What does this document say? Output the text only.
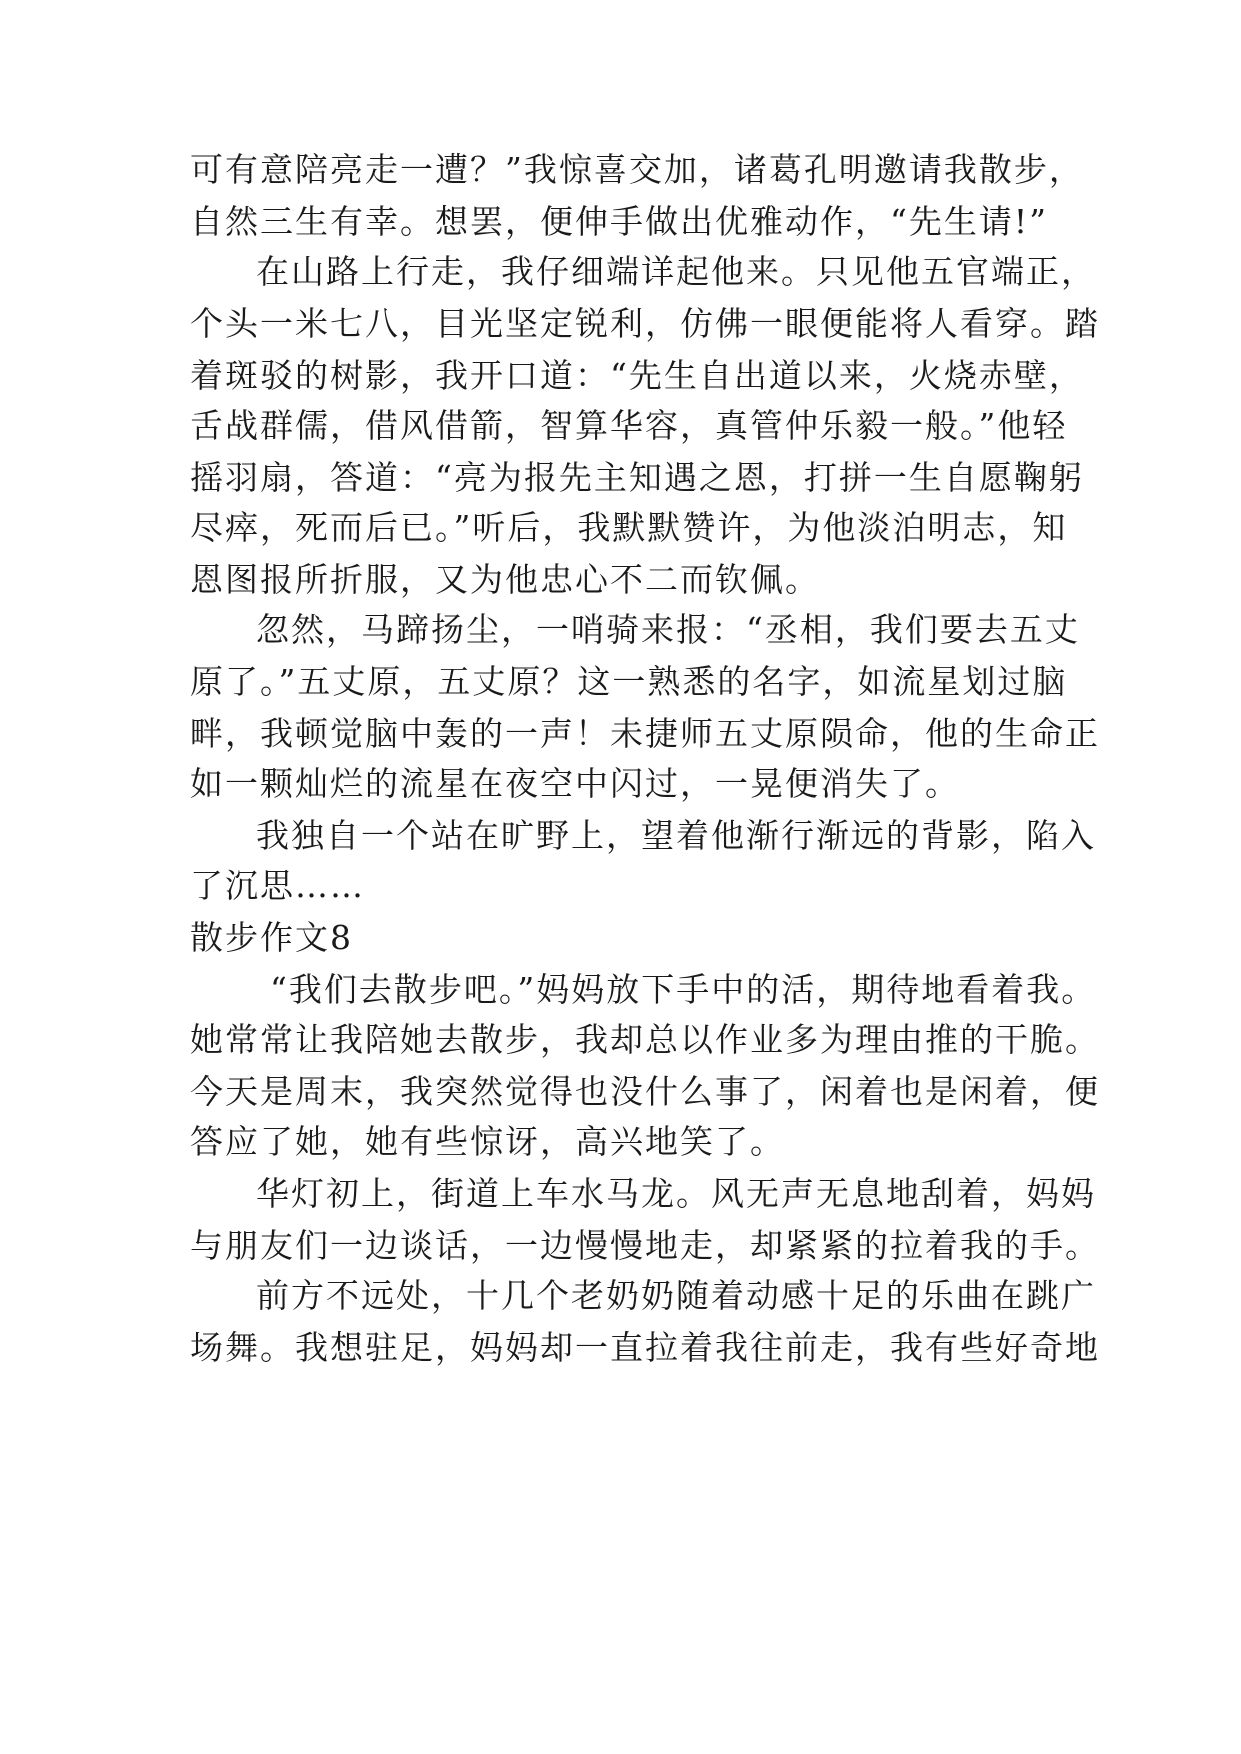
可有意陪亮走一遭？”我惊喜交加，诸葛孔明邀请我散步，
自然三生有幸。想罢，便伸手做出优雅动作，“先生请!”
在山路上行走，我仔细端详起他来。只见他五官端正，
个头一米七八，目光坚定锐利，仿佛一眼便能将人看穿。踏
着斑驳的树影，我开口道：“先生自出道以来，火烧赤壁，
舌战群儒，借风借箭，智算华容，真管仲乐毅一般。”他轻
摇羽扇，答道：“亮为报先主知遇之恩，打拼一生自愿鞠躬
尽瘁，死而后已。”听后，我默默赞许，为他淡泊明志，知
恩图报所折服，又为他忠心不二而钦佩。
忽然，马蹄扬尘，一哨骑来报：“丞相，我们要去五丈
原了。”五丈原，五丈原？这一熟悉的名字，如流星划过脑
畔，我顿觉脑中轰的一声！未捷师五丈原陨命，他的生命正
如一颗灿烂的流星在夜空中闪过，一晃便消失了。
我独自一个站在旷野上，望着他渐行渐远的背影，陷入
了沉思……
散步作文8
“我们去散步吧。”妈妈放下手中的活，期待地看着我。
她常常让我陪她去散步，我却总以作业多为理由推的干脆。
今天是周末，我突然觉得也没什么事了，闲着也是闲着，便
答应了她，她有些惊讶，高兴地笑了。
华灯初上，街道上车水马龙。风无声无息地刮着，妈妈
与朋友们一边谈话，一边慢慢地走，却紧紧的拉着我的手。
前方不远处，十几个老奶奶随着动感十足的乐曲在跳广
场舞。我想驻足，妈妈却一直拉着我往前走，我有些好奇地
